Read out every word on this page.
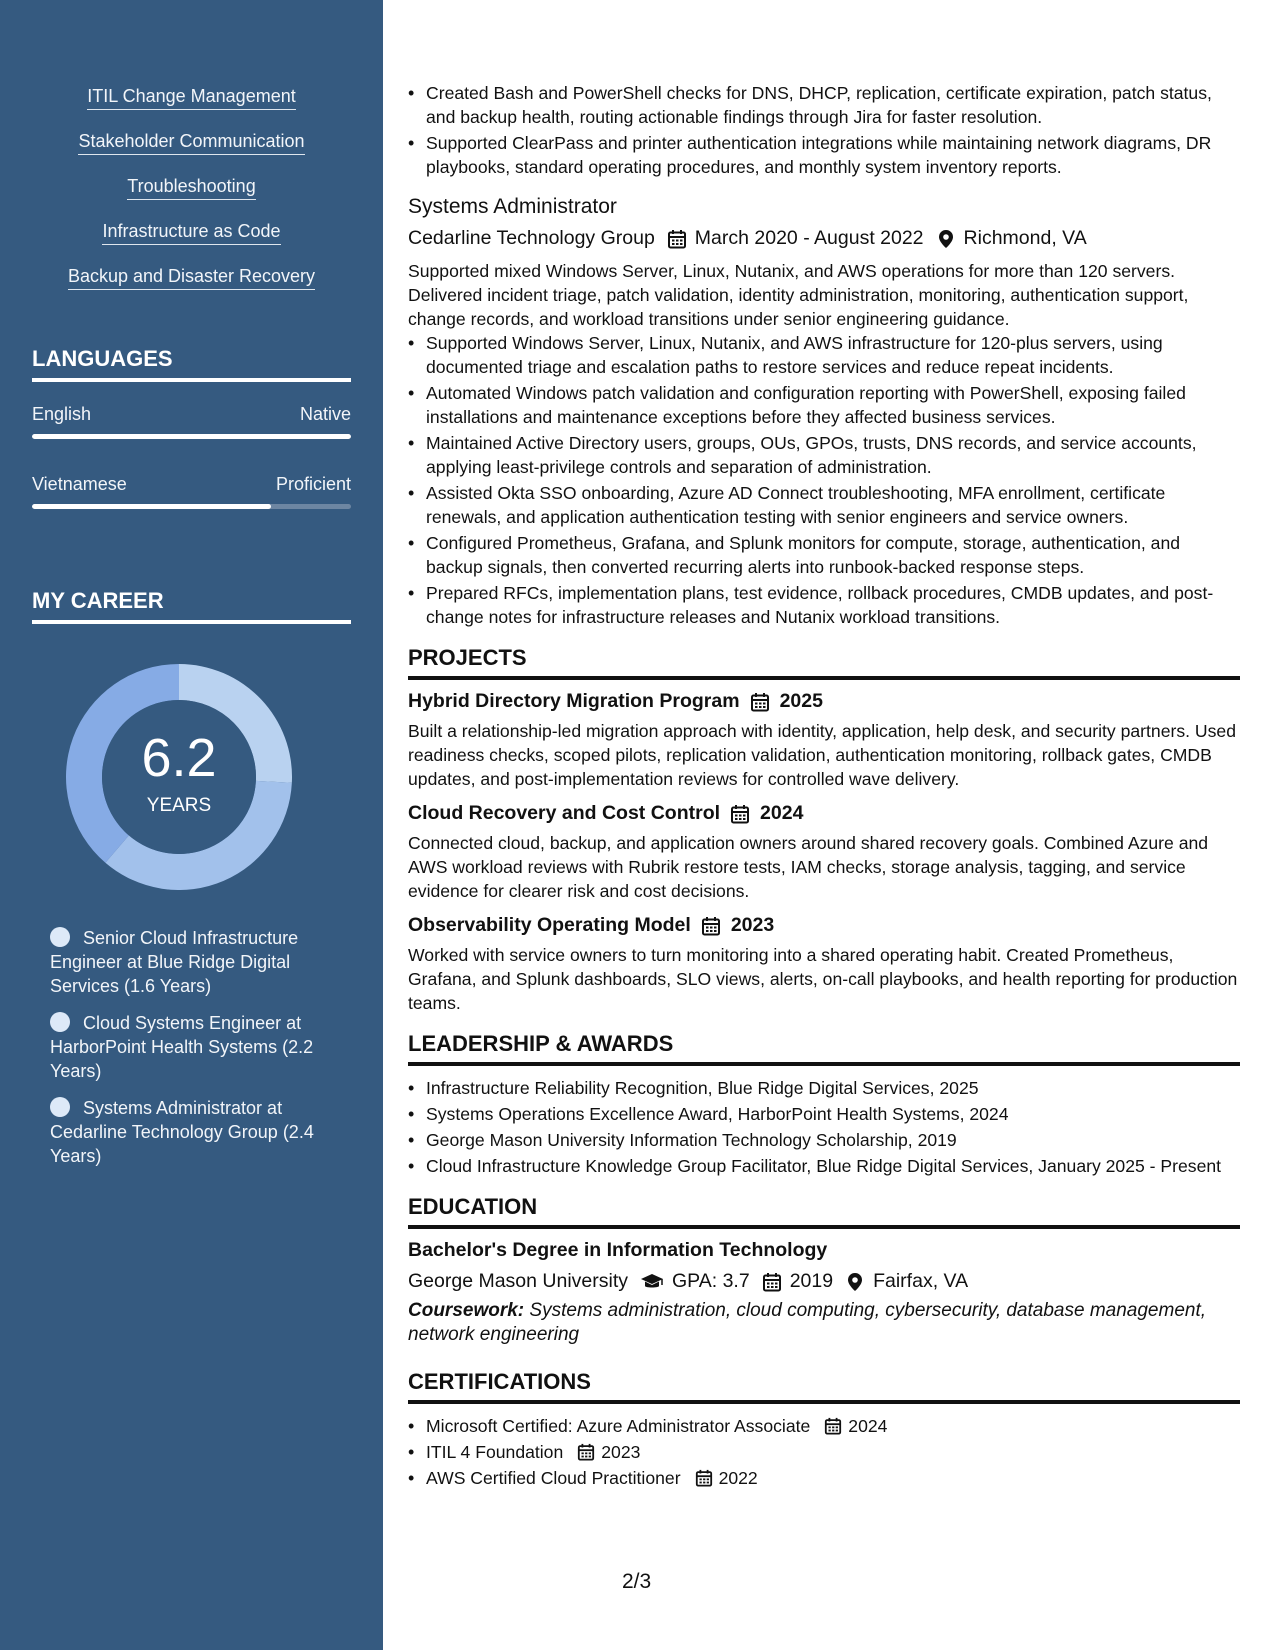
ITIL Change Management
Stakeholder Communication
Troubleshooting
Infrastructure as Code
Backup and Disaster Recovery
LANGUAGES
English	Native
Vietnamese	Proficient
MY CAREER
6.2
YEARS
Senior Cloud Infrastructure Engineer at Blue Ridge Digital Services (1.6 Years)
Cloud Systems Engineer at HarborPoint Health Systems (2.2 Years)
Systems Administrator at Cedarline Technology Group (2.4 Years)
• Created Bash and PowerShell checks for DNS, DHCP, replication, certificate expiration, patch status, and backup health, routing actionable findings through Jira for faster resolution.
• Supported ClearPass and printer authentication integrations while maintaining network diagrams, DR playbooks, standard operating procedures, and monthly system inventory reports.
Systems Administrator
Cedarline Technology Group March 2020 - August 2022 Richmond, VA
Supported mixed Windows Server, Linux, Nutanix, and AWS operations for more than 120 servers. Delivered incident triage, patch validation, identity administration, monitoring, authentication support, change records, and workload transitions under senior engineering guidance.
• Supported Windows Server, Linux, Nutanix, and AWS infrastructure for 120-plus servers, using documented triage and escalation paths to restore services and reduce repeat incidents.
• Automated Windows patch validation and configuration reporting with PowerShell, exposing failed installations and maintenance exceptions before they affected business services.
• Maintained Active Directory users, groups, OUs, GPOs, trusts, DNS records, and service accounts, applying least-privilege controls and separation of administration.
• Assisted Okta SSO onboarding, Azure AD Connect troubleshooting, MFA enrollment, certificate renewals, and application authentication testing with senior engineers and service owners.
• Configured Prometheus, Grafana, and Splunk monitors for compute, storage, authentication, and backup signals, then converted recurring alerts into runbook-backed response steps.
• Prepared RFCs, implementation plans, test evidence, rollback procedures, CMDB updates, and post-change notes for infrastructure releases and Nutanix workload transitions.
PROJECTS
Hybrid Directory Migration Program 2025
Built a relationship-led migration approach with identity, application, help desk, and security partners. Used readiness checks, scoped pilots, replication validation, authentication monitoring, rollback gates, CMDB updates, and post-implementation reviews for controlled wave delivery.
Cloud Recovery and Cost Control 2024
Connected cloud, backup, and application owners around shared recovery goals. Combined Azure and AWS workload reviews with Rubrik restore tests, IAM checks, storage analysis, tagging, and service evidence for clearer risk and cost decisions.
Observability Operating Model 2023
Worked with service owners to turn monitoring into a shared operating habit. Created Prometheus, Grafana, and Splunk dashboards, SLO views, alerts, on-call playbooks, and health reporting for production teams.
LEADERSHIP & AWARDS
• Infrastructure Reliability Recognition, Blue Ridge Digital Services, 2025
• Systems Operations Excellence Award, HarborPoint Health Systems, 2024
• George Mason University Information Technology Scholarship, 2019
• Cloud Infrastructure Knowledge Group Facilitator, Blue Ridge Digital Services, January 2025 - Present
EDUCATION
Bachelor's Degree in Information Technology
George Mason University GPA: 3.7 2019 Fairfax, VA
Coursework: Systems administration, cloud computing, cybersecurity, database management, network engineering
CERTIFICATIONS
• Microsoft Certified: Azure Administrator Associate 2024
• ITIL 4 Foundation 2023
• AWS Certified Cloud Practitioner 2022
2/3
